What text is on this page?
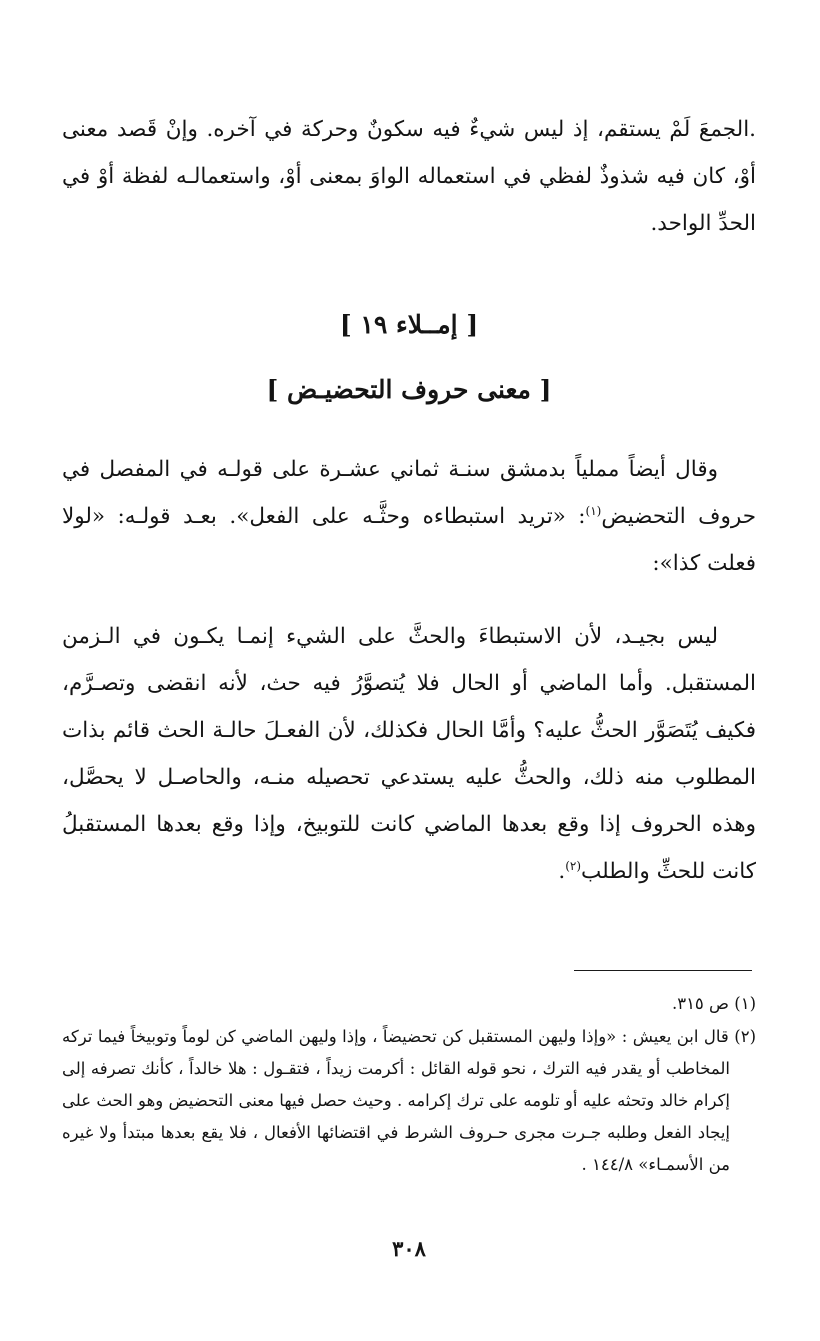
.الجمعَ لَمْ يستقم، إذ ليس شيءٌ فيه سكونٌ وحركة في آخره. وإنْ قَصد معنى أوْ، كان فيه شذوذٌ لفظي في استعماله الواوَ بمعنى أوْ، واستعمالـه لفظة أوْ في الحدِّ الواحد.

[ إمــلاء ١٩ ]
[ معنى حروف التحضيـض ]

وقال أيضاً مملياً بدمشق سنـة ثماني عشـرة على قولـه في المفصل في حروف التحضيض$^{(١)}$: «تريد استبطاءه وحثَّـه على الفعل». بعـد قولـه: «لولا فعلت كذا»:

ليس بجيـد، لأن الاستبطاءَ والحثَّ على الشيء إنمـا يكـون في الـزمن المستقبل. وأما الماضي أو الحال فلا يُتصوَّرُ فيه حث، لأنه انقضى وتصـرَّم، فكيف يُتَصَوَّر الحثُّ عليه؟ وأمَّا الحال فكذلك، لأن الفعـلَ حالـة الحث قائم بذات المطلوب منه ذلك، والحثُّ عليه يستدعي تحصيله منـه، والحاصـل لا يحصَّل، وهذه الحروف إذا وقع بعدها الماضي كانت للتوبيخ، وإذا وقع بعدها المستقبلُ كانت للحثِّ والطلب$^{(٢)}$.

(١) ص ٣١٥.

(٢) قال ابن يعيش : «وإذا وليهن المستقبل كن تحضيضاً ، وإذا وليهن الماضي كن لوماً وتوبيخاً فيما تركه المخاطب أو يقدر فيه الترك ، نحو قوله القائل : أكرمت زيداً ، فتقـول : هلا خالداً ، كأنك تصرفه إلى إكرام خالد وتحثه عليه أو تلومه على ترك إكرامه . وحيث حصل فيها معنى التحضيض وهو الحث على إيجاد الفعل وطلبه جـرت مجرى حـروف الشرط في اقتضائها الأفعال ، فلا يقع بعدها مبتدأ ولا غيره من الأسمـاء» ١٤٤/٨ .

٣٠٨
